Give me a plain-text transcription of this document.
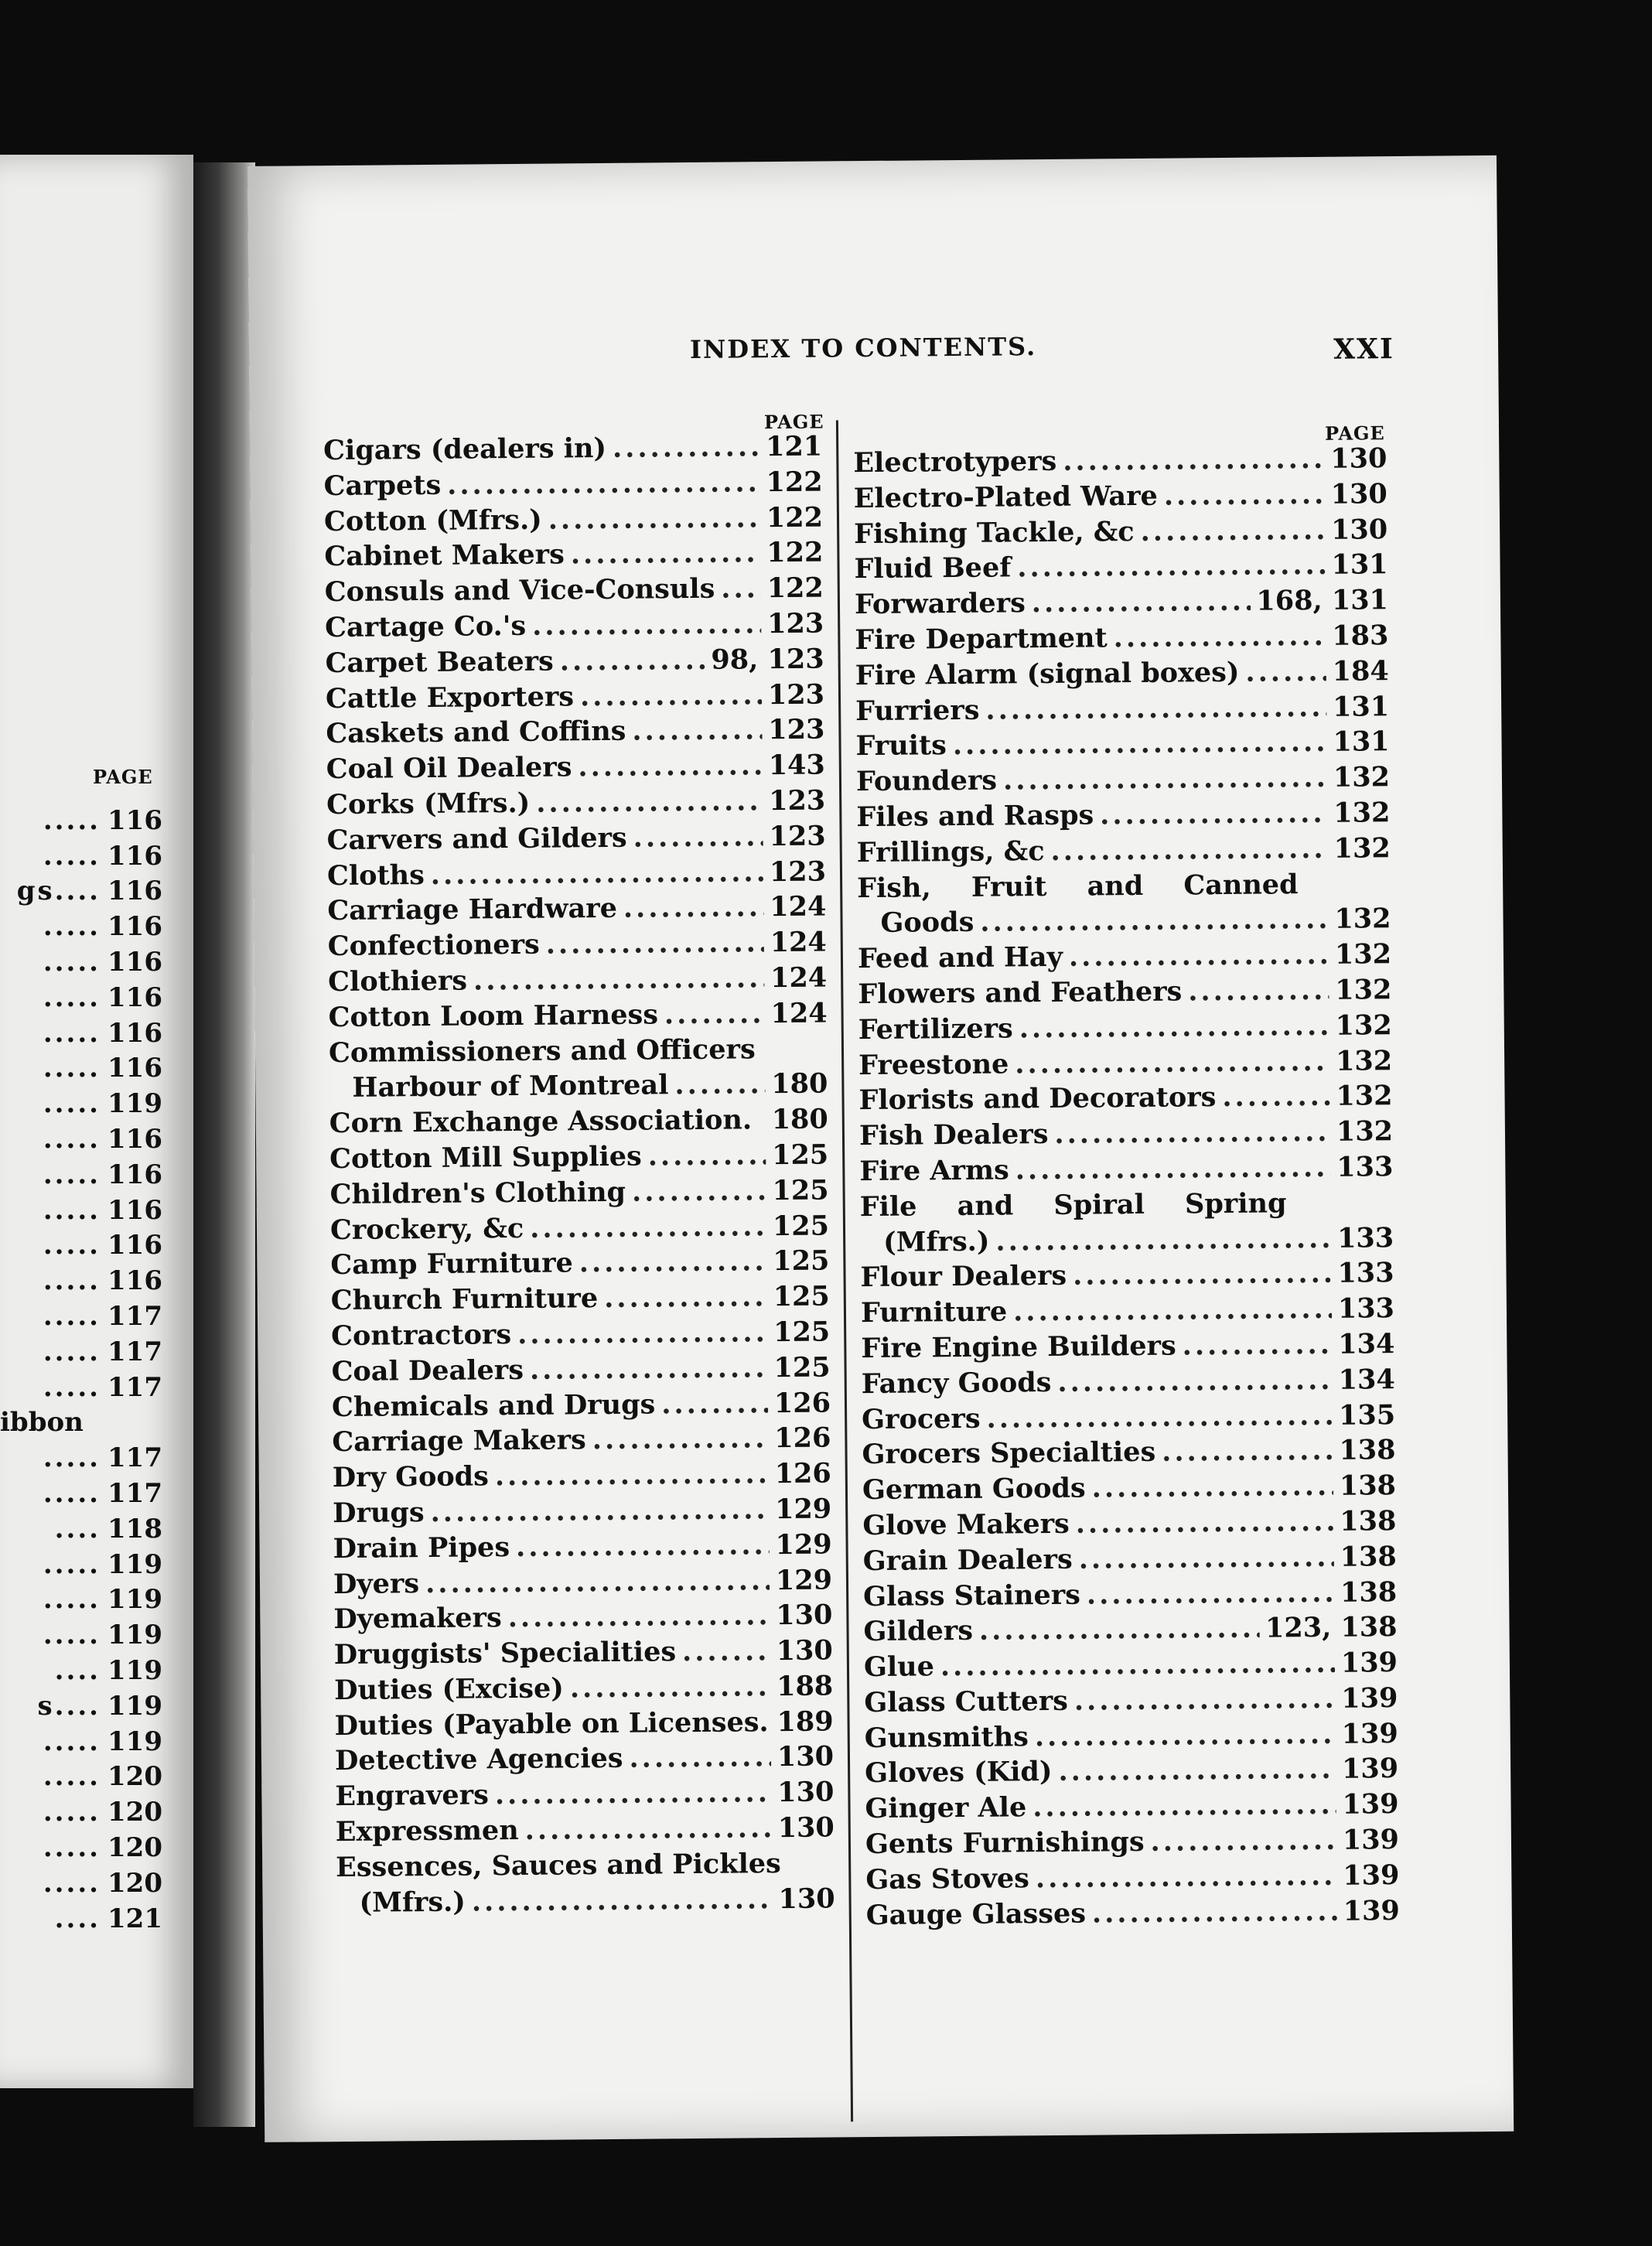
PAGE
..... 116
..... 116
gs.... 116
..... 116
..... 116
..... 116
..... 116
..... 116
..... 119
..... 116
..... 116
..... 116
..... 116
..... 116
..... 117
..... 117
..... 117
ibbon
..... 117
..... 117
.... 118
..... 119
..... 119
..... 119
.... 119
s.... 119
..... 119
..... 120
..... 120
..... 120
..... 120
.... 121
INDEX TO CONTENTS.	XXI
PAGE	PAGE
Cigars (dealers in) .....	121
Carpets .....	122
Cotton (Mfrs.) .....	122
Cabinet Makers .....	122
Consuls and Vice-Consuls ..... 122
Cartage Co.'s .....	123
Carpet Beaters .....	98, 123
Cattle Exporters .....	123
Caskets and Coffins .....	123
Coal Oil Dealers .....	143
Corks (Mfrs.) .....	123
Carvers and Gilders .....	123
Cloths .....	123
Carriage Hardware .....	124
Confectioners .....	124
Clothiers .....	124
Cotton Loom Harness .....	124
Commissioners and Officers
Harbour of Montreal .....	180
Corn Exchange Association. 180
Cotton Mill Supplies .....	125
Children's Clothing .....	125
Crockery, &c .....	125
Camp Furniture .....	125
Church Furniture .....	125
Contractors .....	125
Coal Dealers .....	125
Chemicals and Drugs .....	126
Carriage Makers .....	126
Dry Goods .....	126
Drugs .....	129
Drain Pipes .....	129
Dyers .....	129
Dyemakers .....	130
Druggists' Specialities .....	130
Duties (Excise) .....	188
Duties (Payable on Licenses. 189
Detective Agencies .....	130
Engravers .....	130
Expressmen .....	130
Essences, Sauces and Pickles
(Mfrs.) .....	130
Electrotypers .....	130
Electro-Plated Ware .....	130
Fishing Tackle, &c .....	130
Fluid Beef .....	131
Forwarders .....	168, 131
Fire Department .....	183
Fire Alarm (signal boxes) .....	184
Furriers .....	131
Fruits .....	131
Founders .....	132
Files and Rasps .....	132
Frillings, &c .....	132
Fish, Fruit and Canned
Goods .....	132
Feed and Hay .....	132
Flowers and Feathers .....	132
Fertilizers .....	132
Freestone .....	132
Florists and Decorators .....	132
Fish Dealers .....	132
Fire Arms .....	133
File and Spiral Spring
(Mfrs.) .....	133
Flour Dealers .....	133
Furniture .....	133
Fire Engine Builders .....	134
Fancy Goods .....	134
Grocers .....	135
Grocers Specialties .....	138
German Goods .....	138
Glove Makers .....	138
Grain Dealers .....	138
Glass Stainers .....	138
Gilders .....	123, 138
Glue .....	139
Glass Cutters .....	139
Gunsmiths .....	139
Gloves (Kid) .....	139
Ginger Ale .....	139
Gents Furnishings .....	139
Gas Stoves .....	139
Gauge Glasses .....	139
